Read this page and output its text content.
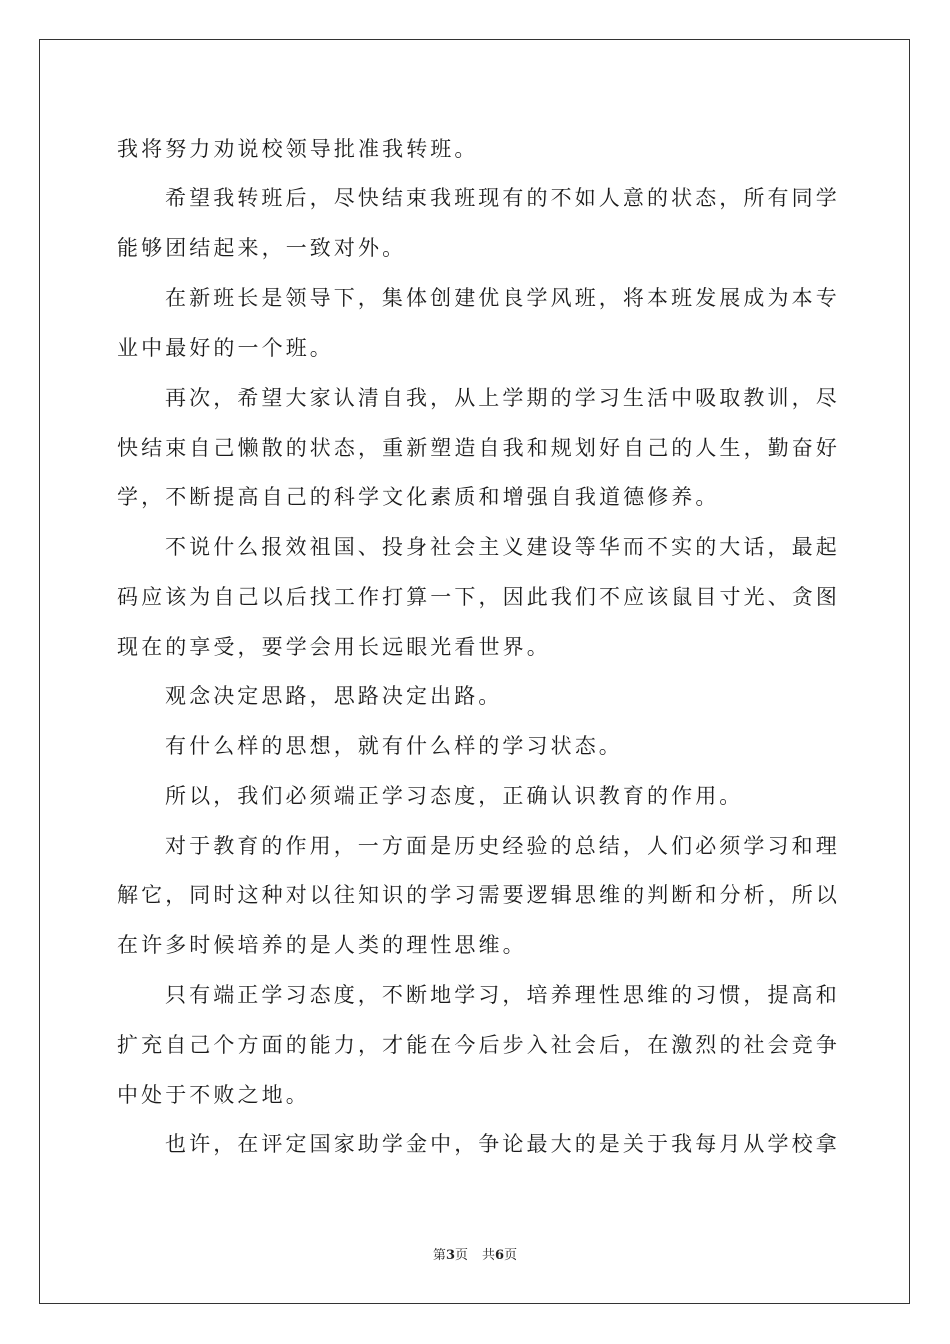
我将努力劝说校领导批准我转班。
希望我转班后，尽快结束我班现有的不如人意的状态，所有同学
能够团结起来，一致对外。
在新班长是领导下，集体创建优良学风班，将本班发展成为本专
业中最好的一个班。
再次，希望大家认清自我，从上学期的学习生活中吸取教训，尽
快结束自己懒散的状态，重新塑造自我和规划好自己的人生，勤奋好
学，不断提高自己的科学文化素质和增强自我道德修养。
不说什么报效祖国、投身社会主义建设等华而不实的大话，最起
码应该为自己以后找工作打算一下，因此我们不应该鼠目寸光、贪图
现在的享受，要学会用长远眼光看世界。
观念决定思路，思路决定出路。
有什么样的思想，就有什么样的学习状态。
所以，我们必须端正学习态度，正确认识教育的作用。
对于教育的作用，一方面是历史经验的总结，人们必须学习和理
解它，同时这种对以往知识的学习需要逻辑思维的判断和分析，所以
在许多时候培养的是人类的理性思维。
只有端正学习态度，不断地学习，培养理性思维的习惯，提高和
扩充自己个方面的能力，才能在今后步入社会后，在激烈的社会竞争
中处于不败之地。
也许，在评定国家助学金中，争论最大的是关于我每月从学校拿
第3页 共6页
